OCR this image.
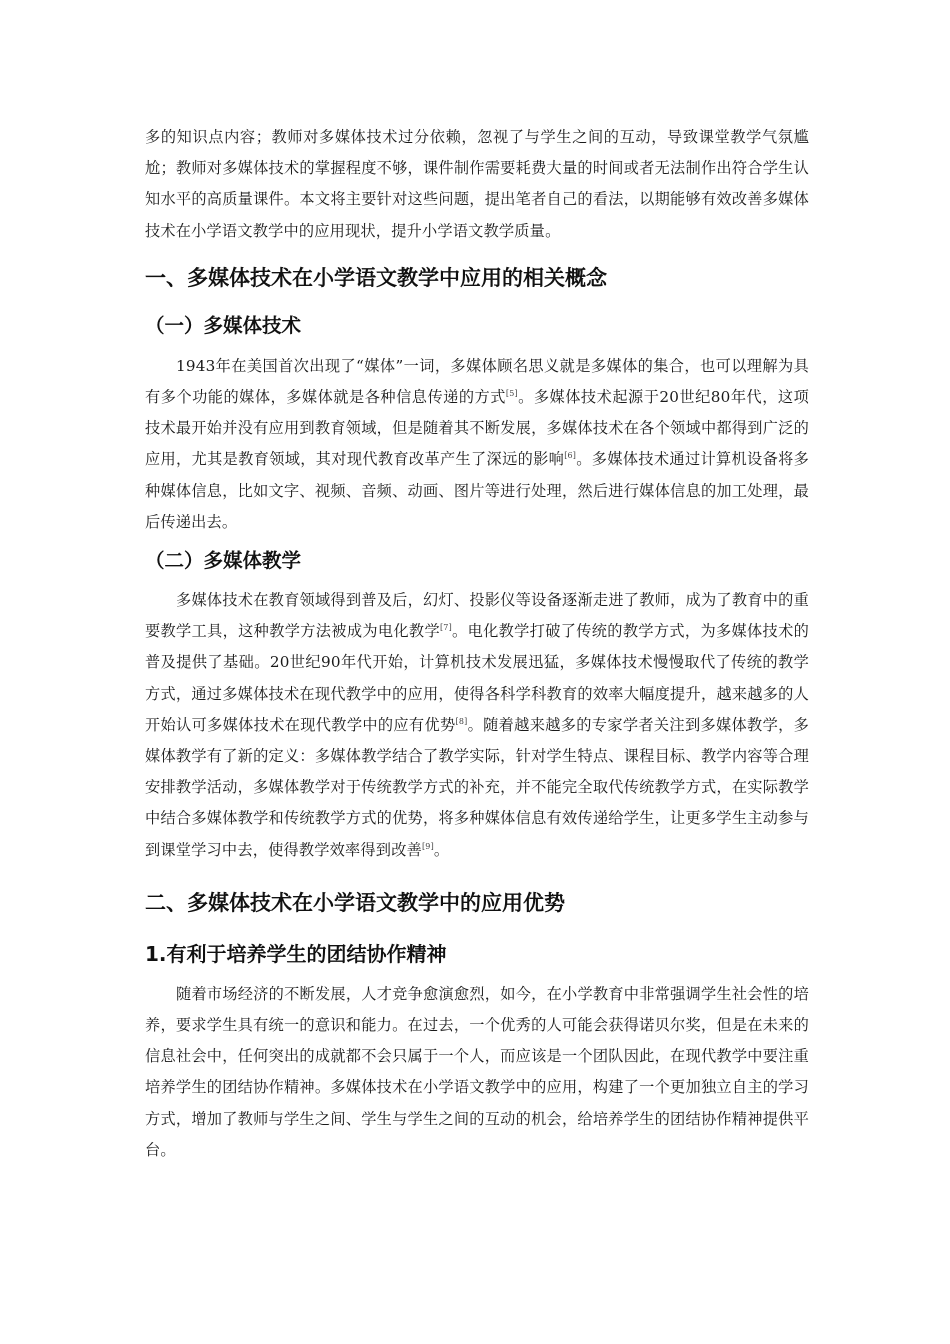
多的知识点内容；教师对多媒体技术过分依赖，忽视了与学生之间的互动，导致课堂教学气氛尴尬；教师对多媒体技术的掌握程度不够，课件制作需要耗费大量的时间或者无法制作出符合学生认知水平的高质量课件。本文将主要针对这些问题，提出笔者自己的看法，以期能够有效改善多媒体技术在小学语文教学中的应用现状，提升小学语文教学质量。

一、多媒体技术在小学语文教学中应用的相关概念
（一）多媒体技术

1943年在美国首次出现了“媒体”一词，多媒体顾名思义就是多媒体的集合，也可以理解为具有多个功能的媒体，多媒体就是各种信息传递的方式[5]。多媒体技术起源于20世纪80年代，这项技术最开始并没有应用到教育领域，但是随着其不断发展，多媒体技术在各个领域中都得到广泛的应用，尤其是教育领域，其对现代教育改革产生了深远的影响[6]。多媒体技术通过计算机设备将多种媒体信息，比如文字、视频、音频、动画、图片等进行处理，然后进行媒体信息的加工处理，最后传递出去。

（二）多媒体教学

多媒体技术在教育领域得到普及后，幻灯、投影仪等设备逐渐走进了教师，成为了教育中的重要教学工具，这种教学方法被成为电化教学[7]。电化教学打破了传统的教学方式，为多媒体技术的普及提供了基础。20世纪90年代开始，计算机技术发展迅猛，多媒体技术慢慢取代了传统的教学方式，通过多媒体技术在现代教学中的应用，使得各科学科教育的效率大幅度提升，越来越多的人开始认可多媒体技术在现代教学中的应有优势[8]。随着越来越多的专家学者关注到多媒体教学，多媒体教学有了新的定义：多媒体教学结合了教学实际，针对学生特点、课程目标、教学内容等合理安排教学活动，多媒体教学对于传统教学方式的补充，并不能完全取代传统教学方式，在实际教学中结合多媒体教学和传统教学方式的优势，将多种媒体信息有效传递给学生，让更多学生主动参与到课堂学习中去，使得教学效率得到改善[9]。

二、多媒体技术在小学语文教学中的应用优势
1.有利于培养学生的团结协作精神

随着市场经济的不断发展，人才竞争愈演愈烈，如今，在小学教育中非常强调学生社会性的培养，要求学生具有统一的意识和能力。在过去，一个优秀的人可能会获得诺贝尔奖，但是在未来的信息社会中，任何突出的成就都不会只属于一个人，而应该是一个团队因此，在现代教学中要注重培养学生的团结协作精神。多媒体技术在小学语文教学中的应用，构建了一个更加独立自主的学习方式，增加了教师与学生之间、学生与学生之间的互动的机会，给培养学生的团结协作精神提供平台。
